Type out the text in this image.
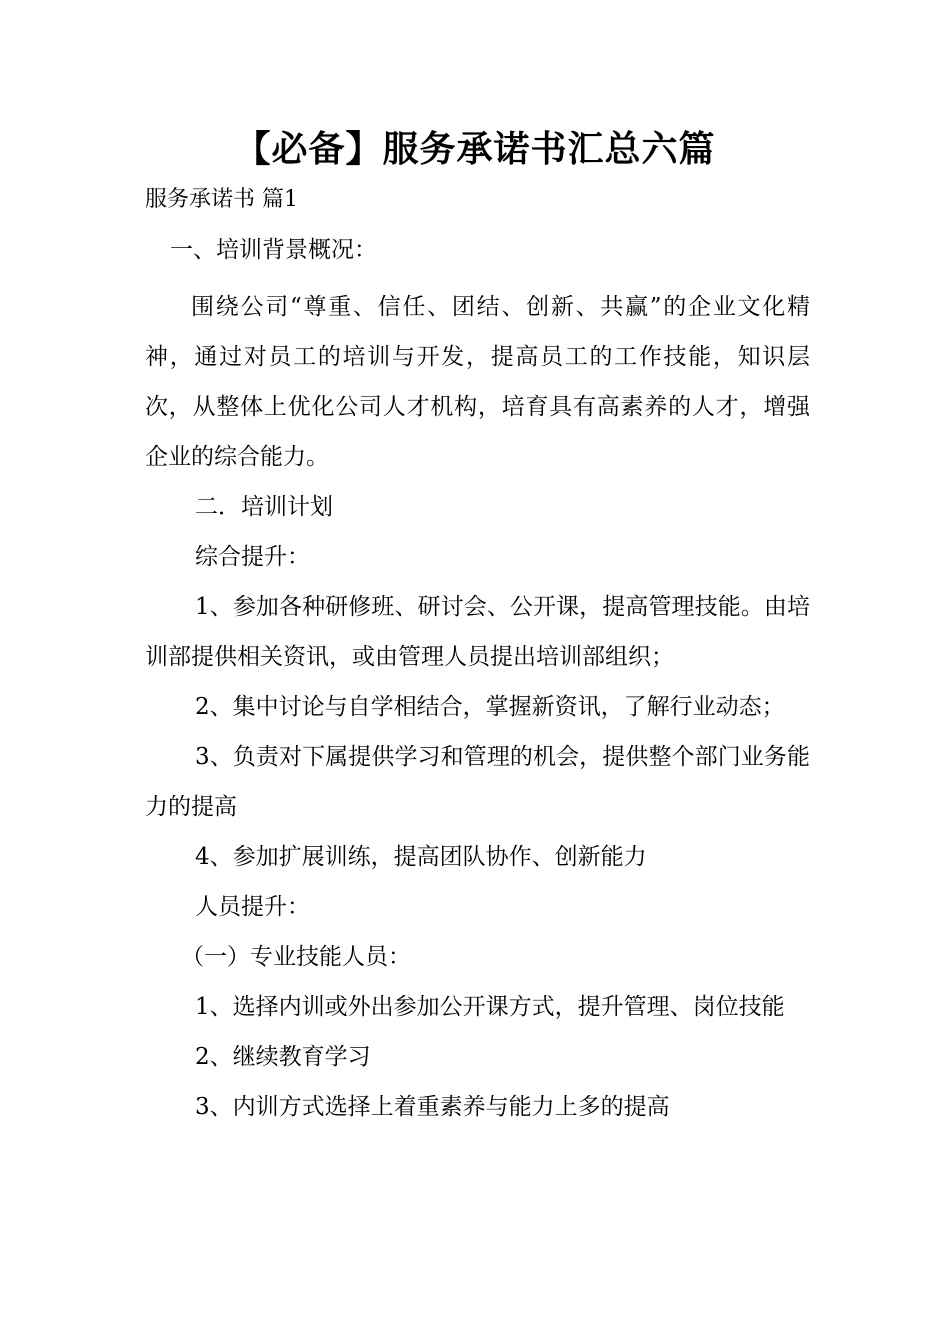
【必备】服务承诺书汇总六篇
服务承诺书 篇1
一、培训背景概况：

围绕公司“尊重、信任、团结、创新、共赢”的企业文化精神，通过对员工的培训与开发，提高员工的工作技能，知识层次，从整体上优化公司人才机构，培育具有高素养的人才，增强企业的综合能力。

二．培训计划

综合提升：

1、参加各种研修班、研讨会、公开课，提高管理技能。由培训部提供相关资讯，或由管理人员提出培训部组织；

2、集中讨论与自学相结合，掌握新资讯，了解行业动态；

3、负责对下属提供学习和管理的机会，提供整个部门业务能力的提高

4、参加扩展训练，提高团队协作、创新能力

人员提升：

（一）专业技能人员：

1、选择内训或外出参加公开课方式，提升管理、岗位技能

2、继续教育学习

3、内训方式选择上着重素养与能力上多的提高
